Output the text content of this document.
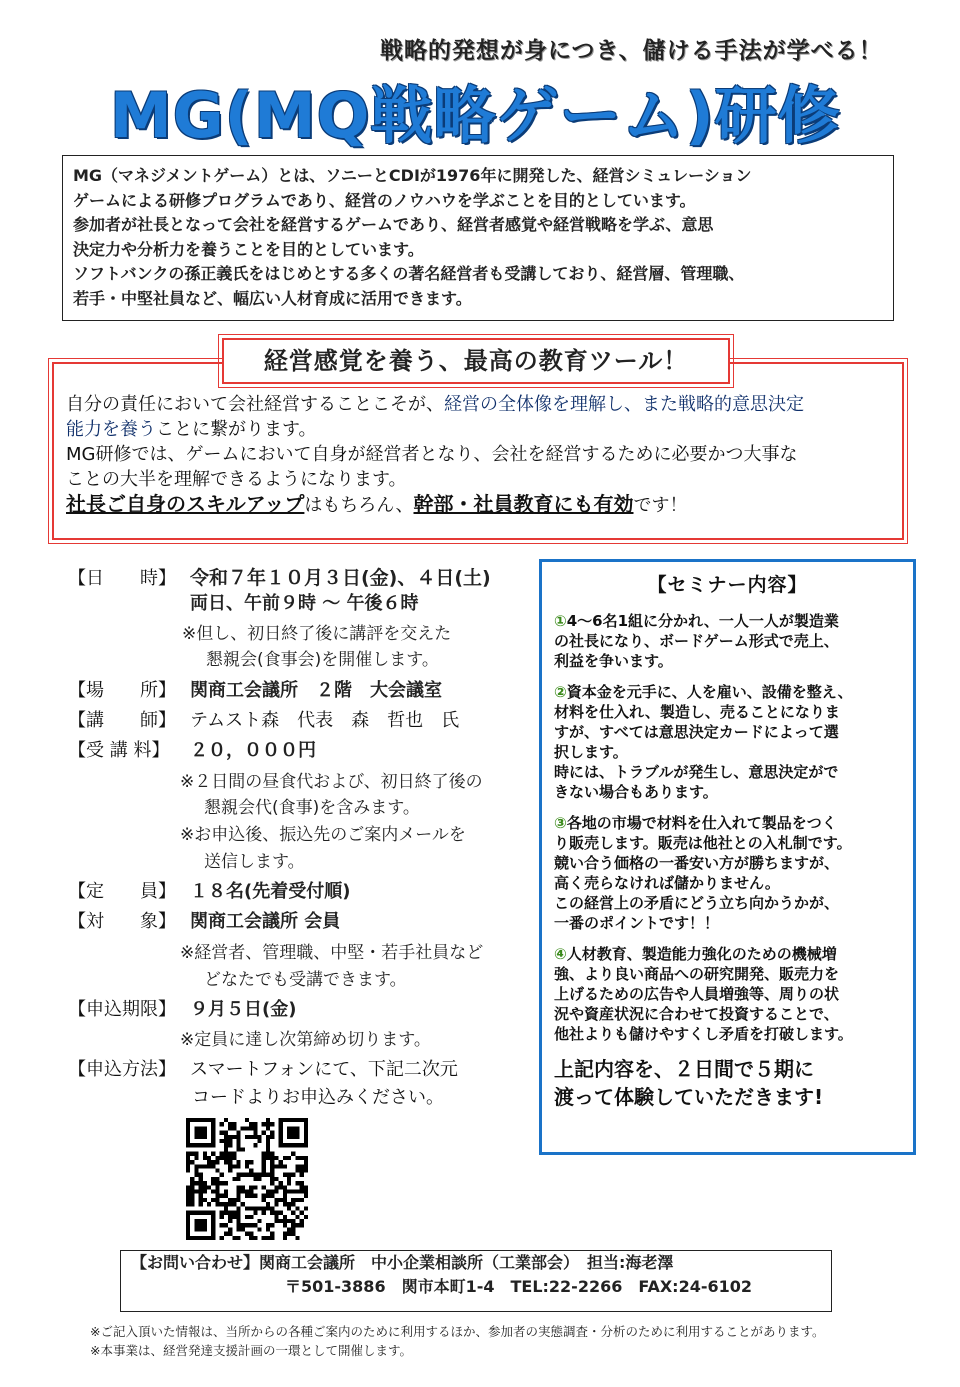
戦略的発想が身につき、儲ける手法が学べる！
MG(MQ戦略ゲーム)研修

MG（マネジメントゲーム）とは、ソニーとCDIが1976年に開発した、経営シミュレーション

ゲームによる研修プログラムであり、経営のノウハウを学ぶことを目的としています。

参加者が社長となって会社を経営するゲームであり、経営者感覚や経営戦略を学ぶ、意思

決定力や分析力を養うことを目的としています。

ソフトバンクの孫正義氏をはじめとする多くの著名経営者も受講しており、経営層、管理職、

若手・中堅社員など、幅広い人材育成に活用できます。

自分の責任において会社経営することこそが、経営の全体像を理解し、また戦略的意思決定

能力を養うことに繋がります。

MG研修では、ゲームにおいて自身が経営者となり、会社を経営するために必要かつ大事な

ことの大半を理解できるようになります。

社長ご自身のスキルアップはもちろん、幹部・社員教育にも有効です！

経営感覚を養う、最高の教育ツール！
【日　　時】 令和７年１０月３日(金)、４日(土)
両日、午前９時 ～ 午後６時
※但し、初日終了後に講評を交えた
懇親会(食事会)を開催します。
【場　　所】 関商工会議所　２階　大会議室
【講　　師】 テムスト森　代表　森　哲也　氏
【受 講 料】 ２０，０００円
※２日間の昼食代および、初日終了後の
懇親会代(食事)を含みます。
※お申込後、振込先のご案内メールを
送信します。
【定　　員】 １８名(先着受付順)
【対　　象】 関商工会議所 会員
※経営者、管理職、中堅・若手社員など
どなたでも受講できます。
【申込期限】 ９月５日(金)
※定員に達し次第締め切ります。
【申込方法】 スマートフォンにて、下記二次元
コードよりお申込みください。
【セミナー内容】

①4～6名1組に分かれ、一人一人が製造業

の社長になり、ボードゲーム形式で売上、

利益を争います。

②資本金を元手に、人を雇い、設備を整え、

材料を仕入れ、製造し、売ることになりま

すが、すべては意思決定カードによって選

択します。

時には、トラブルが発生し、意思決定がで

きない場合もあります。

③各地の市場で材料を仕入れて製品をつく

り販売します。販売は他社との入札制です。

競い合う価格の一番安い方が勝ちますが、

高く売らなければ儲かりません。

この経営上の矛盾にどう立ち向かうかが、

一番のポイントです！！

④人材教育、製造能力強化のための機械増

強、より良い商品への研究開発、販売力を

上げるための広告や人員増強等、周りの状

況や資産状況に合わせて投資することで、

他社よりも儲けやすくし矛盾を打破します。

上記内容を、２日間で５期に

渡って体験していただきます!

【お問い合わせ】関商工会議所　中小企業相談所（工業部会）　担当:海老澤

〒501-3886　関市本町1-4　TEL:22-2266　FAX:24-6102

※ご記入頂いた情報は、当所からの各種ご案内のために利用するほか、参加者の実態調査・分析のために利用することがあります。

※本事業は、経営発達支援計画の一環として開催します。
